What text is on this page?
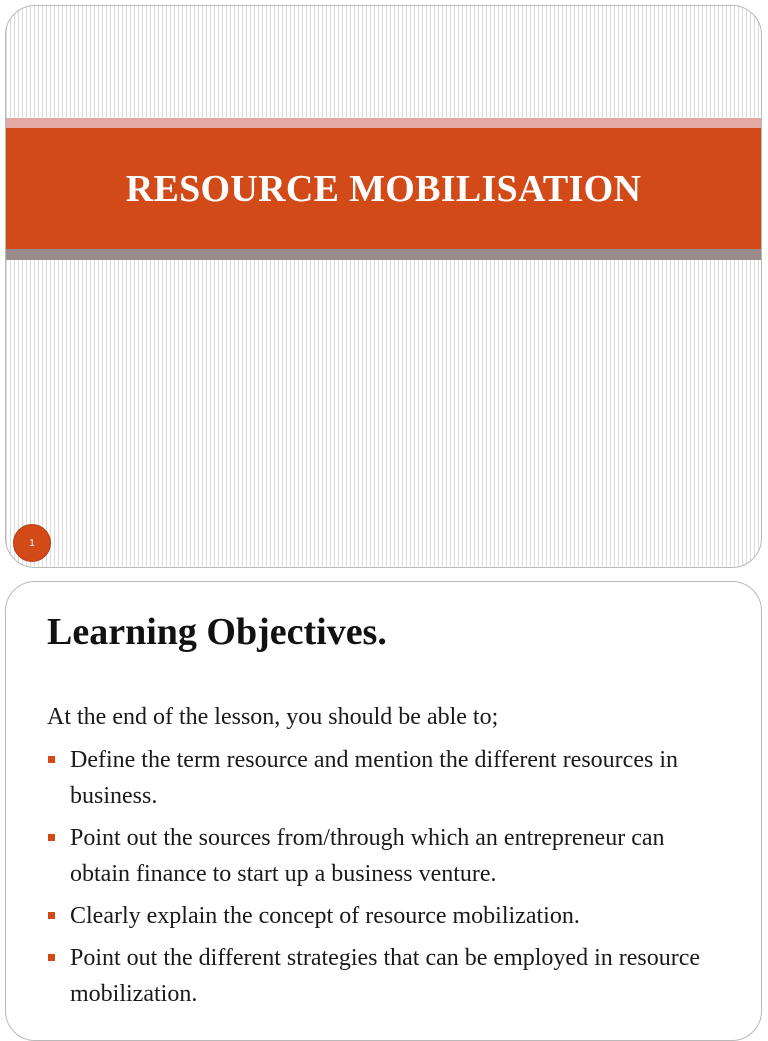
RESOURCE MOBILISATION
1
Learning Objectives.

At the end of the lesson, you should be able to;

Define the term resource and mention the different resources in business.
Point out the sources from/through which an entrepreneur can obtain finance to start up a business venture.
Clearly explain the concept of resource mobilization.
Point out the different strategies that can be employed in resource mobilization.
